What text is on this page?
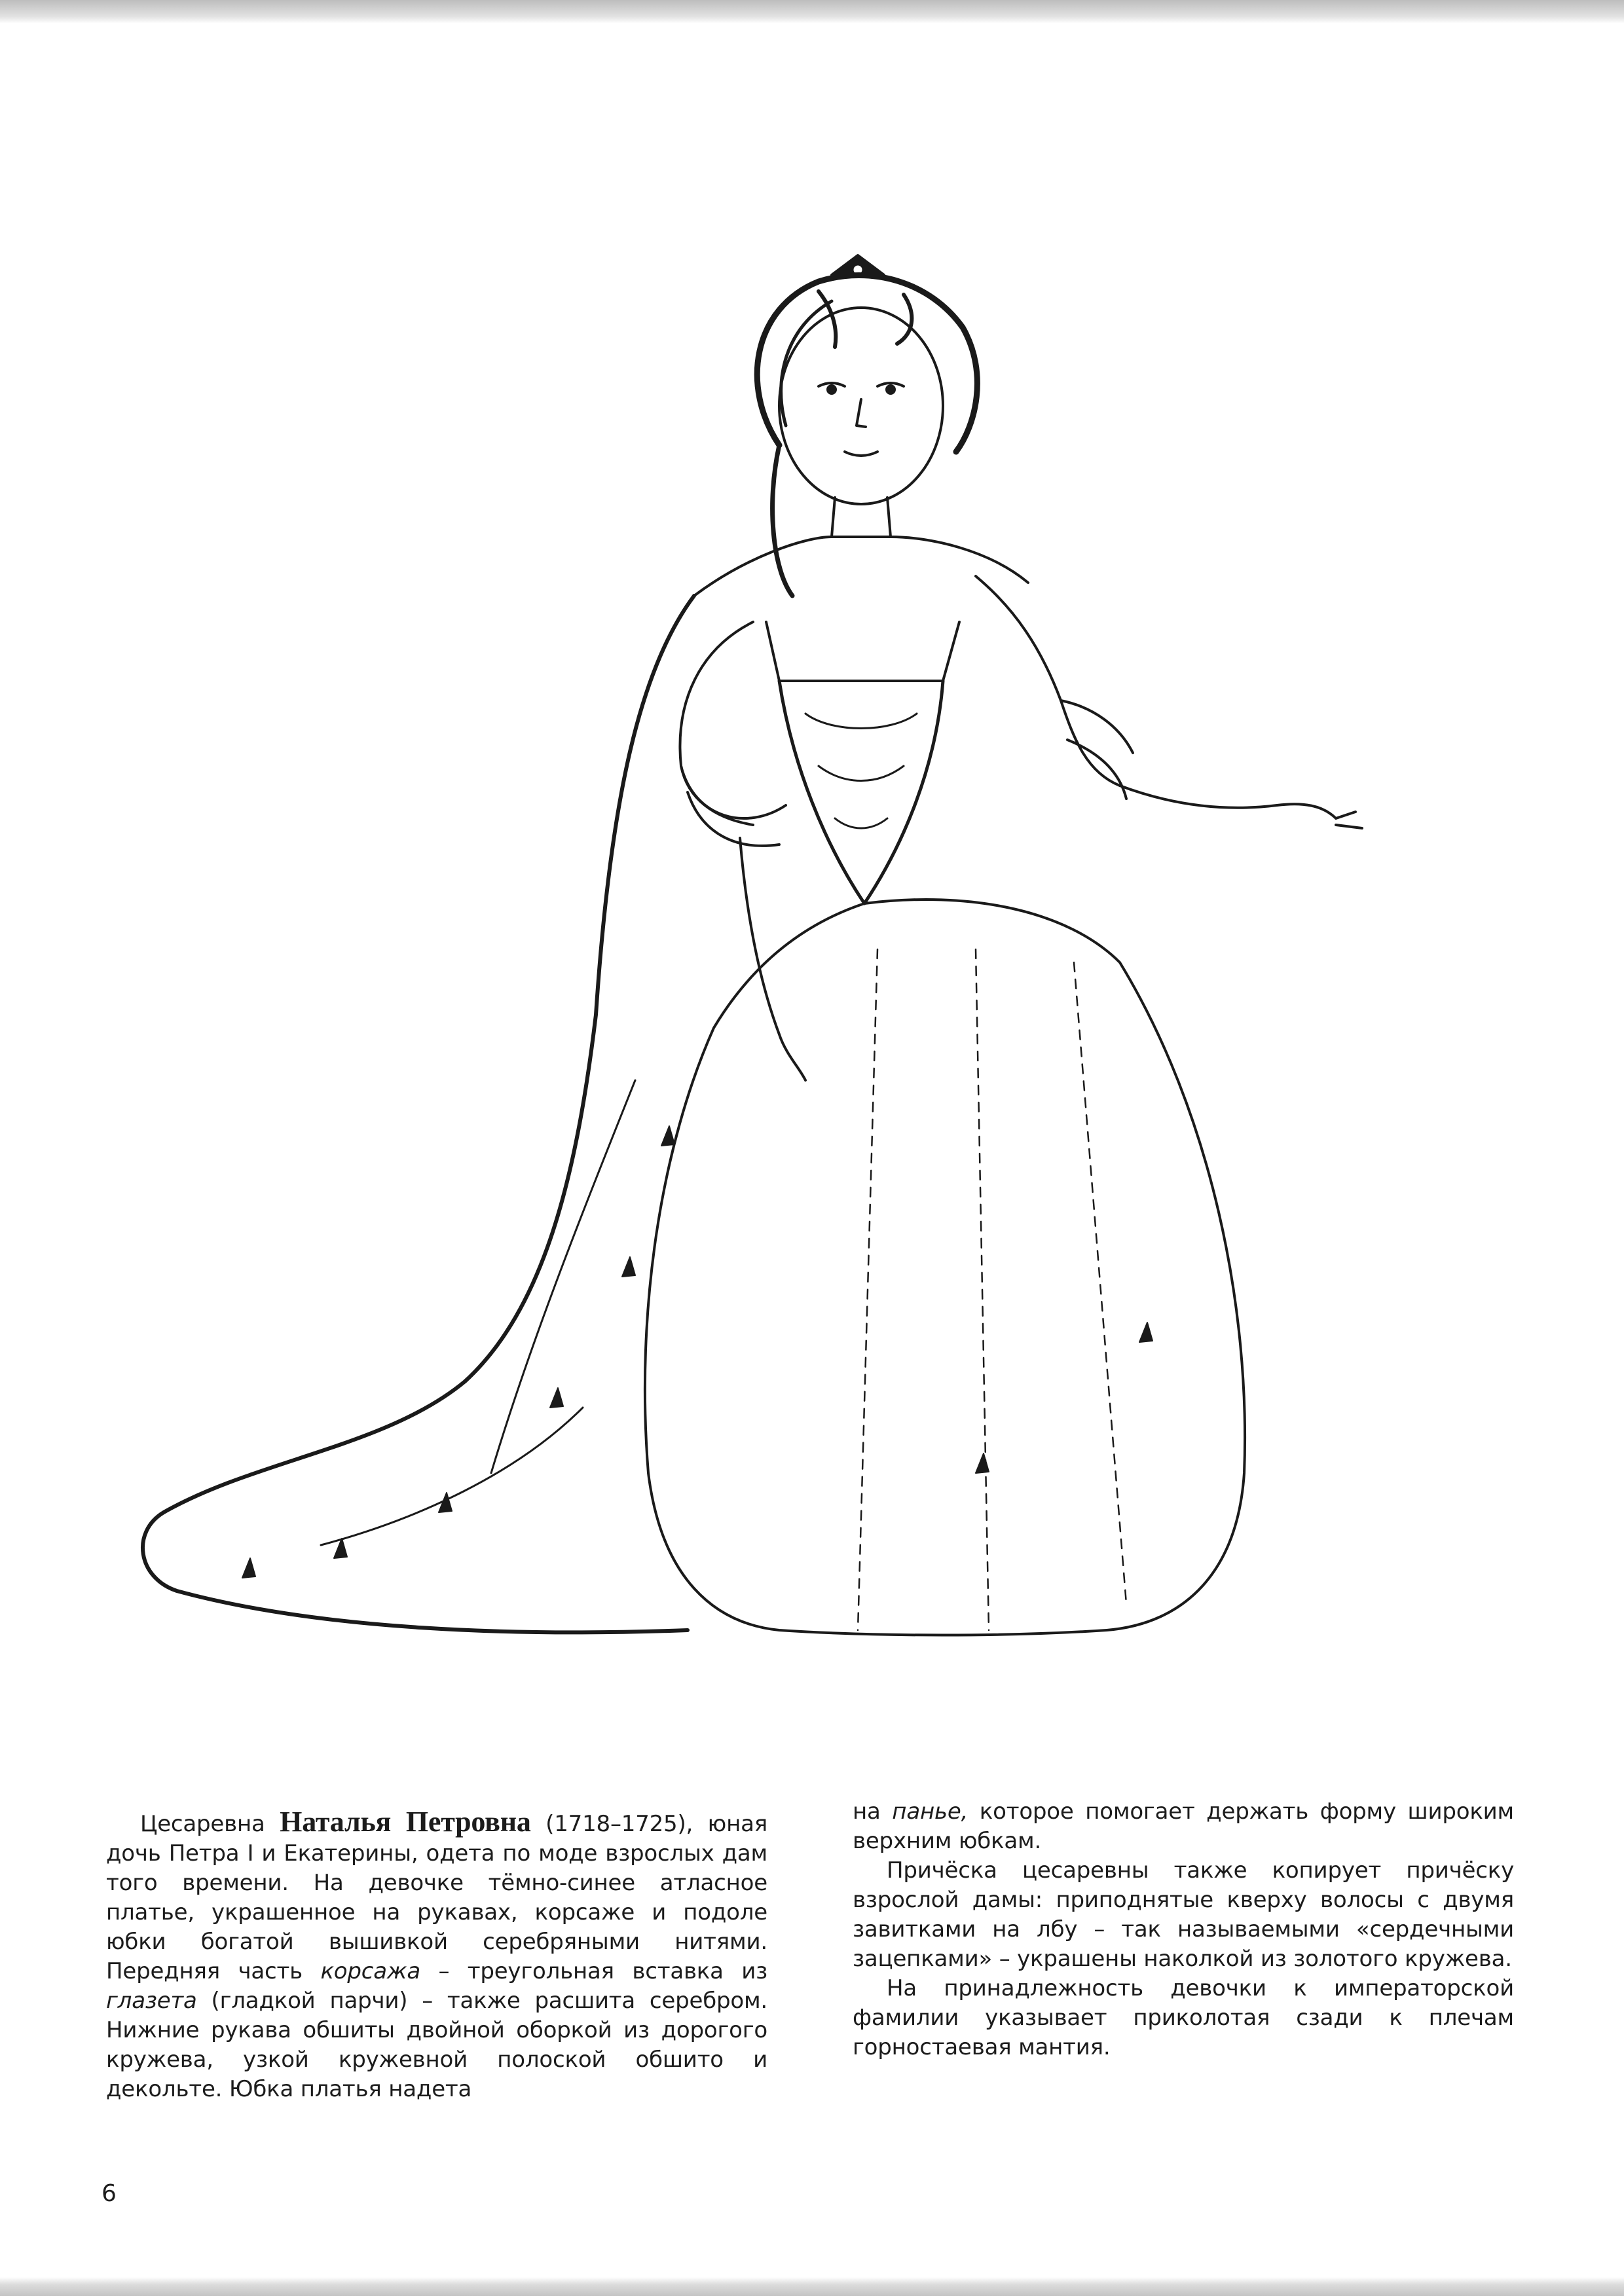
Цесаревна Наталья Петровна (1718–1725), юная дочь Петра I и Екатерины, одета по моде взрослых дам того времени. На девочке тёмно-синее атласное платье, украшенное на рукавах, корсаже и подоле юбки богатой вышивкой серебряными нитями. Передняя часть корсажа – треугольная вставка из глазета (гладкой парчи) – также расшита серебром. Нижние рукава обшиты двойной оборкой из дорогого кружева, узкой кружевной полоской обшито и декольте. Юбка платья надета

на панье, которое помогает держать форму широким верхним юбкам.

Причёска цесаревны также копирует причёску взрослой дамы: приподнятые кверху волосы с двумя завитками на лбу – так называемыми «сердечными зацепками» – украшены наколкой из золотого кружева.

На принадлежность девочки к императорской фамилии указывает приколотая сзади к плечам горностаевая мантия.

6
